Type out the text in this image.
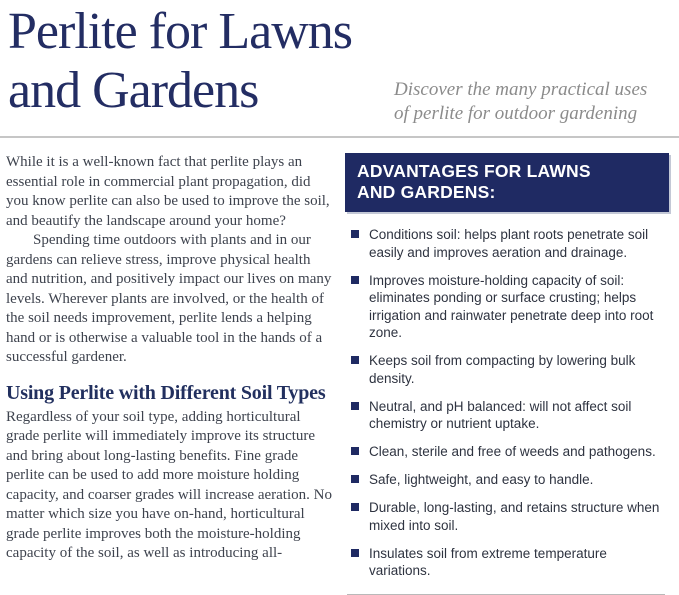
Perlite for Lawns
and Gardens	Discover the many practical uses
of perlite for outdoor gardening

While it is a well-known fact that perlite plays an essential role in commercial plant propagation, did you know perlite can also be used to improve the soil, and beautify the landscape around your home?

Spending time outdoors with plants and in our gardens can relieve stress, improve physical health and nutrition, and positively impact our lives on many levels. Wherever plants are involved, or the health of the soil needs improvement, perlite lends a helping hand or is otherwise a valuable tool in the hands of a successful gardener.

Using Perlite with Different Soil Types

Regardless of your soil type, adding horticultural grade perlite will immediately improve its structure and bring about long-lasting benefits. Fine grade perlite can be used to add more moisture holding capacity, and coarser grades will increase aeration. No matter which size you have on-hand, horticultural grade perlite improves both the moisture-holding capacity of the soil, as well as introducing all-

ADVANTAGES FOR LAWNS
AND GARDENS:
Conditions soil: helps plant roots penetrate soil easily and improves aeration and drainage.
Improves moisture-holding capacity of soil: eliminates ponding or surface crusting; helps irrigation and rainwater penetrate deep into root zone.
Keeps soil from compacting by lowering bulk density.
Neutral, and pH balanced: will not affect soil chemistry or nutrient uptake.
Clean, sterile and free of weeds and pathogens.
Safe, lightweight, and easy to handle.
Durable, long-lasting, and retains structure when mixed into soil.
Insulates soil from extreme temperature variations.
